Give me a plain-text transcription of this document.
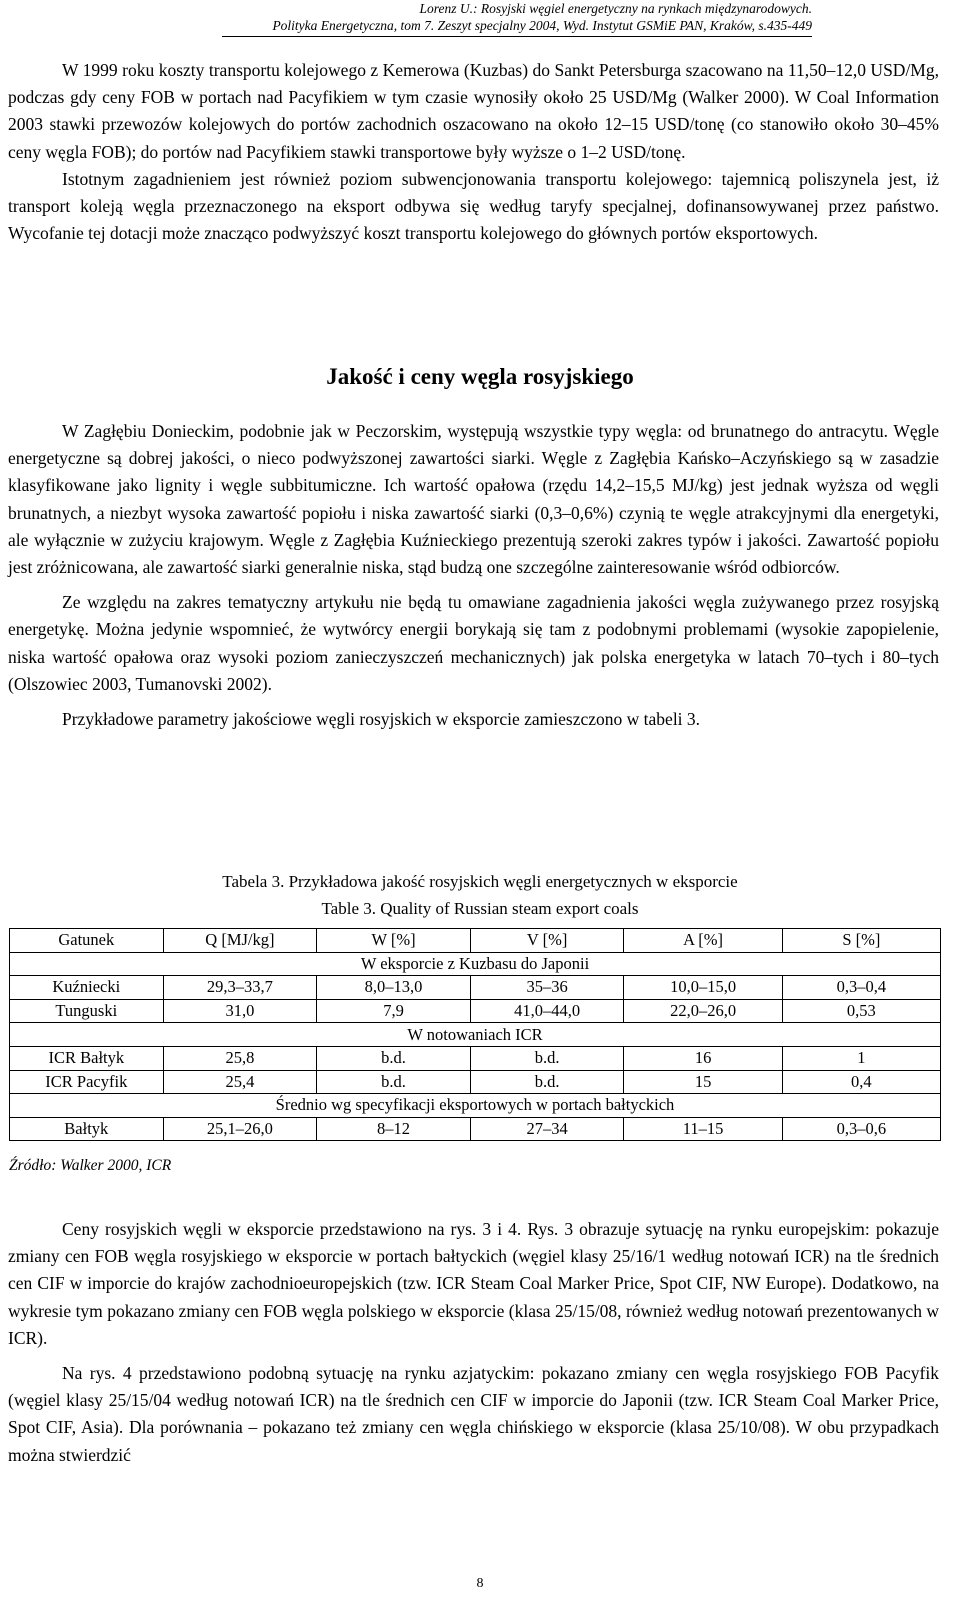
Lorenz U.: Rosyjski węgiel energetyczny na rynkach międzynarodowych.
Polityka Energetyczna, tom 7. Zeszyt specjalny 2004, Wyd. Instytut GSMiE PAN, Kraków, s.435-449

W 1999 roku koszty transportu kolejowego z Kemerowa (Kuzbas) do Sankt Petersburga szacowano na 11,50–12,0 USD/Mg, podczas gdy ceny FOB w portach nad Pacyfikiem w tym czasie wynosiły około 25 USD/Mg (Walker 2000). W Coal Information 2003 stawki przewozów kolejowych do portów zachodnich oszacowano na około 12–15 USD/tonę (co stanowiło około 30–45% ceny węgla FOB); do portów nad Pacyfikiem stawki transportowe były wyższe o 1–2 USD/tonę.

Istotnym zagadnieniem jest również poziom subwencjonowania transportu kolejowego: tajemnicą poliszynela jest, iż transport koleją węgla przeznaczonego na eksport odbywa się według taryfy specjalnej, dofinansowywanej przez państwo. Wycofanie tej dotacji może znacząco podwyższyć koszt transportu kolejowego do głównych portów eksportowych.

Jakość i ceny węgla rosyjskiego

W Zagłębiu Donieckim, podobnie jak w Peczorskim, występują wszystkie typy węgla: od brunatnego do antracytu. Węgle energetyczne są dobrej jakości, o nieco podwyższonej zawartości siarki. Węgle z Zagłębia Kańsko–Aczyńskiego są w zasadzie klasyfikowane jako lignity i węgle subbitumiczne. Ich wartość opałowa (rzędu 14,2–15,5 MJ/kg) jest jednak wyższa od węgli brunatnych, a niezbyt wysoka zawartość popiołu i niska zawartość siarki (0,3–0,6%) czynią te węgle atrakcyjnymi dla energetyki, ale wyłącznie w zużyciu krajowym. Węgle z Zagłębia Kuźnieckiego prezentują szeroki zakres typów i jakości. Zawartość popiołu jest zróżnicowana, ale zawartość siarki generalnie niska, stąd budzą one szczególne zainteresowanie wśród odbiorców.

Ze względu na zakres tematyczny artykułu nie będą tu omawiane zagadnienia jakości węgla zużywanego przez rosyjską energetykę. Można jedynie wspomnieć, że wytwórcy energii borykają się tam z podobnymi problemami (wysokie zapopielenie, niska wartość opałowa oraz wysoki poziom zanieczyszczeń mechanicznych) jak polska energetyka w latach 70–tych i 80–tych (Olszowiec 2003, Tumanovski 2002).

Przykładowe parametry jakościowe węgli rosyjskich w eksporcie zamieszczono w tabeli 3.

Tabela 3. Przykładowa jakość rosyjskich węgli energetycznych w eksporcie
Table 3. Quality of Russian steam export coals
Gatunek	Q [MJ/kg]	W [%]	V [%]	A [%]	S [%]
W eksporcie z Kuzbasu do Japonii					
Kuźniecki	29,3–33,7	8,0–13,0	35–36	10,0–15,0	0,3–0,4
Tunguski	31,0	7,9	41,0–44,0	22,0–26,0	0,53
W notowaniach ICR					
ICR Bałtyk	25,8	b.d.	b.d.	16	1
ICR Pacyfik	25,4	b.d.	b.d.	15	0,4
Średnio wg specyfikacji eksportowych w portach bałtyckich					
Bałtyk	25,1–26,0	8–12	27–34	11–15	0,3–0,6
Źródło: Walker 2000, ICR

Ceny rosyjskich węgli w eksporcie przedstawiono na rys. 3 i 4. Rys. 3 obrazuje sytuację na rynku europejskim: pokazuje zmiany cen FOB węgla rosyjskiego w eksporcie w portach bałtyckich (węgiel klasy 25/16/1 według notowań ICR) na tle średnich cen CIF w imporcie do krajów zachodnioeuropejskich (tzw. ICR Steam Coal Marker Price, Spot CIF, NW Europe). Dodatkowo, na wykresie tym pokazano zmiany cen FOB węgla polskiego w eksporcie (klasa 25/15/08, również według notowań prezentowanych w ICR).

Na rys. 4 przedstawiono podobną sytuację na rynku azjatyckim: pokazano zmiany cen węgla rosyjskiego FOB Pacyfik (węgiel klasy 25/15/04 według notowań ICR) na tle średnich cen CIF w imporcie do Japonii (tzw. ICR Steam Coal Marker Price, Spot CIF, Asia). Dla porównania – pokazano też zmiany cen węgla chińskiego w eksporcie (klasa 25/10/08). W obu przypadkach można stwierdzić

8
